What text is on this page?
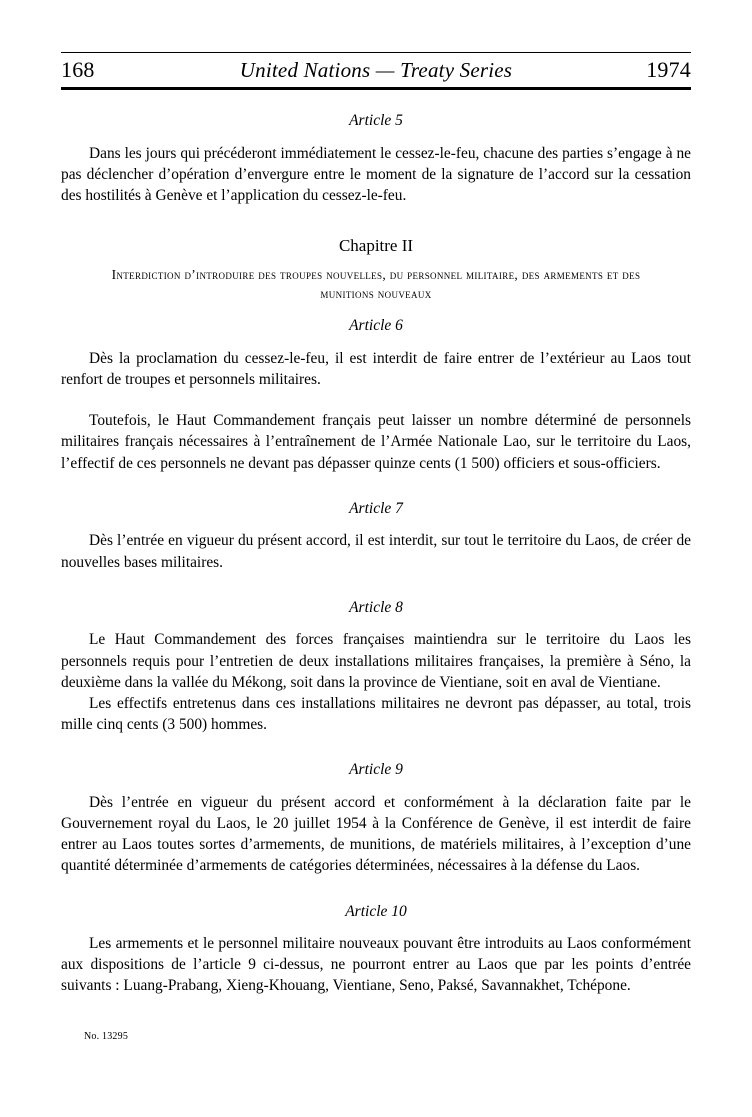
168	United Nations — Treaty Series	1974
Article 5

Dans les jours qui précéderont immédiatement le cessez-le-feu, chacune des parties s’engage à ne pas déclencher d’opération d’envergure entre le moment de la signature de l’accord sur la cessation des hostilités à Genève et l’application du cessez-le-feu.

Chapitre II
Interdiction d’introduire des troupes nouvelles, du personnel militaire, des armements et des munitions nouveaux
Article 6

Dès la proclamation du cessez-le-feu, il est interdit de faire entrer de l’extérieur au Laos tout renfort de troupes et personnels militaires.

Toutefois, le Haut Commandement français peut laisser un nombre déterminé de personnels militaires français nécessaires à l’entraînement de l’Armée Nationale Lao, sur le territoire du Laos, l’effectif de ces personnels ne devant pas dépasser quinze cents (1 500) officiers et sous-officiers.

Article 7

Dès l’entrée en vigueur du présent accord, il est interdit, sur tout le territoire du Laos, de créer de nouvelles bases militaires.

Article 8

Le Haut Commandement des forces françaises maintiendra sur le territoire du Laos les personnels requis pour l’entretien de deux installations militaires françaises, la première à Séno, la deuxième dans la vallée du Mékong, soit dans la province de Vientiane, soit en aval de Vientiane.

Les effectifs entretenus dans ces installations militaires ne devront pas dépasser, au total, trois mille cinq cents (3 500) hommes.

Article 9

Dès l’entrée en vigueur du présent accord et conformément à la déclaration faite par le Gouvernement royal du Laos, le 20 juillet 1954 à la Conférence de Genève, il est interdit de faire entrer au Laos toutes sortes d’armements, de munitions, de matériels militaires, à l’exception d’une quantité déterminée d’armements de catégories déterminées, nécessaires à la défense du Laos.

Article 10

Les armements et le personnel militaire nouveaux pouvant être introduits au Laos conformément aux dispositions de l’article 9 ci-dessus, ne pourront entrer au Laos que par les points d’entrée suivants : Luang-Prabang, Xieng-Khouang, Vientiane, Seno, Paksé, Savannakhet, Tchépone.

No. 13295
